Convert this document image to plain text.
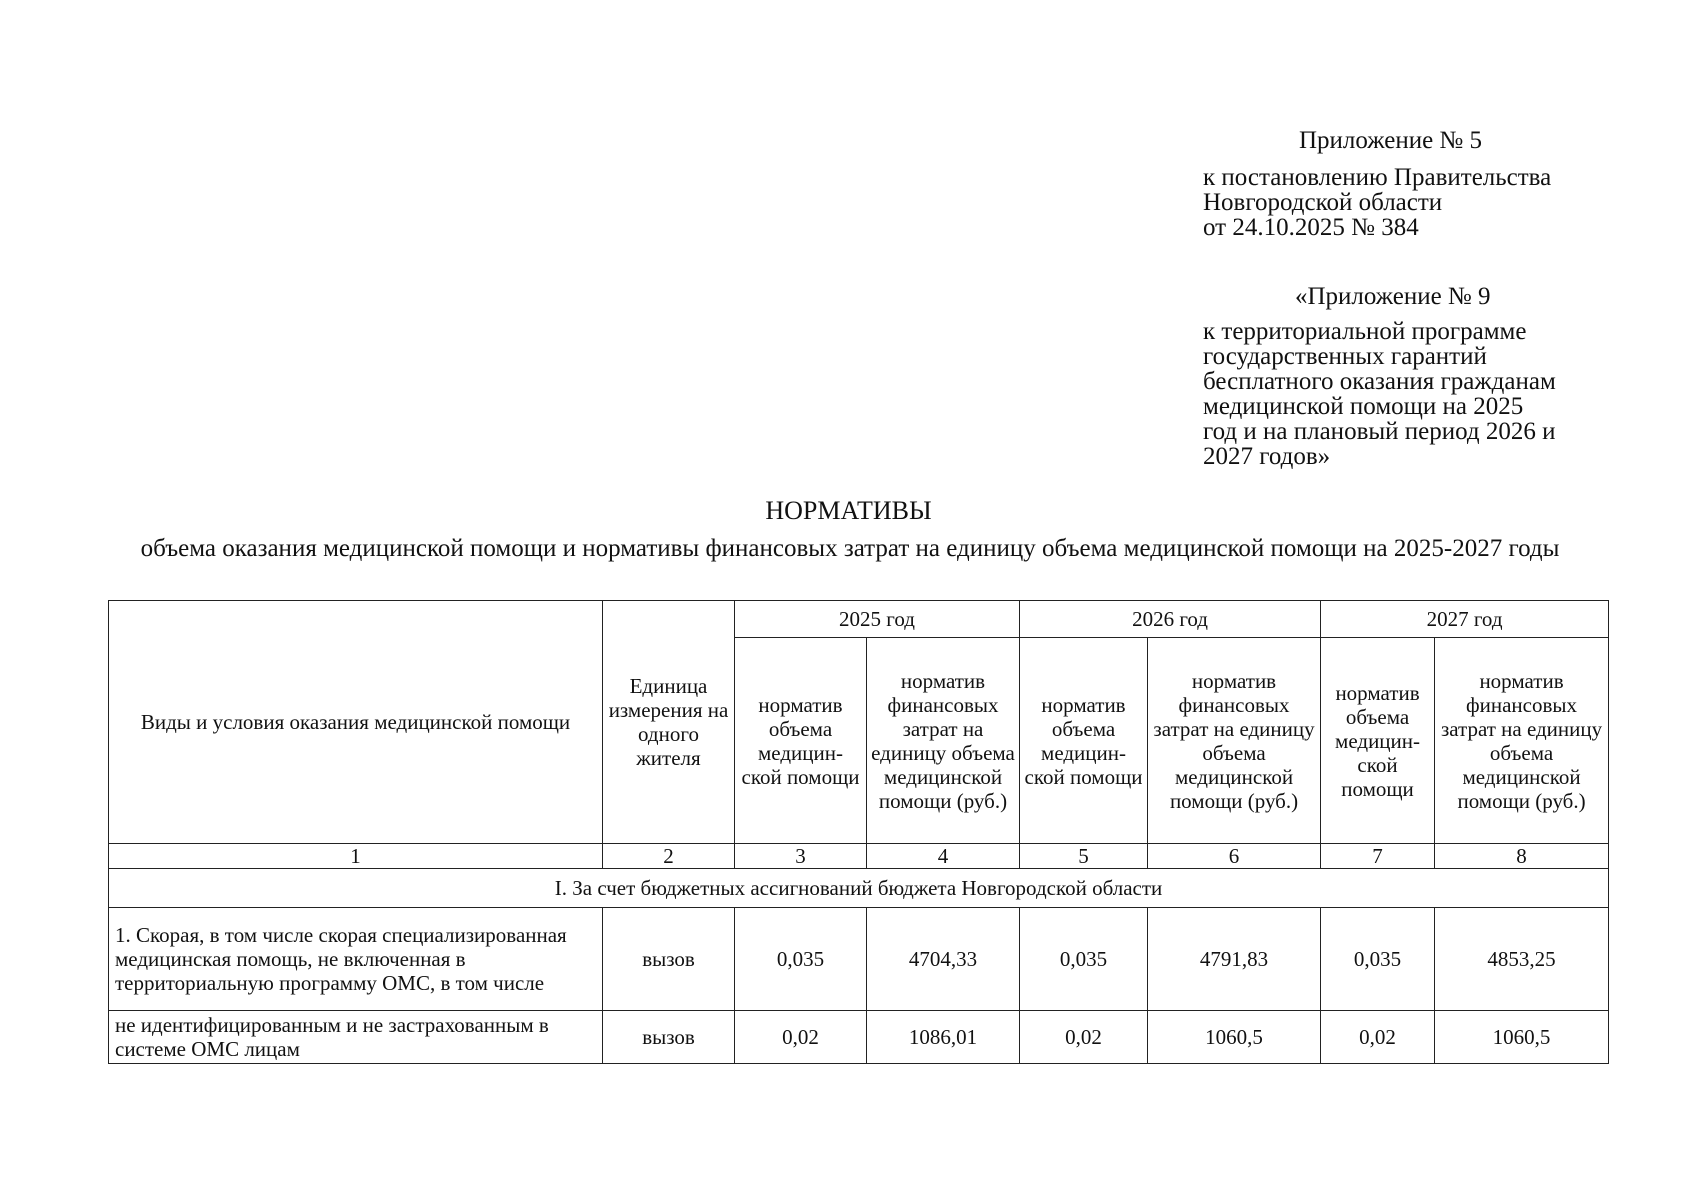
Приложение № 5
к постановлению Правительства
Новгородской области
от 24.10.2025 № 384
«Приложение № 9
к территориальной программе
государственных гарантий
бесплатного оказания гражданам
медицинской помощи на 2025
год и на плановый период 2026 и
2027 годов»
НОРМАТИВЫ
объема оказания медицинской помощи и нормативы финансовых затрат на единицу объема медицинской помощи на 2025-2027 годы
Виды и условия оказания медицинской помощи	Единица измерения на одного жителя	2025 год		2026 год		2027 год	
		норматив объема медицин-ской помощи	норматив финансовых затрат на единицу объема медицинской помощи (руб.)	норматив объема медицин-ской помощи	норматив финансовых затрат на единицу объема медицинской помощи (руб.)	норматив объема медицин-ской помощи	норматив финансовых затрат на единицу объема медицинской помощи (руб.)
1	2	3	4	5	6	7	8
I. За счет бюджетных ассигнований бюджета Новгородской области							
1. Скорая, в том числе скорая специализированная медицинская помощь, не включенная в территориальную программу ОМС, в том числе	вызов	0,035	4704,33	0,035	4791,83	0,035	4853,25
не идентифицированным и не застрахованным в системе ОМС лицам	вызов	0,02	1086,01	0,02	1060,5	0,02	1060,5
